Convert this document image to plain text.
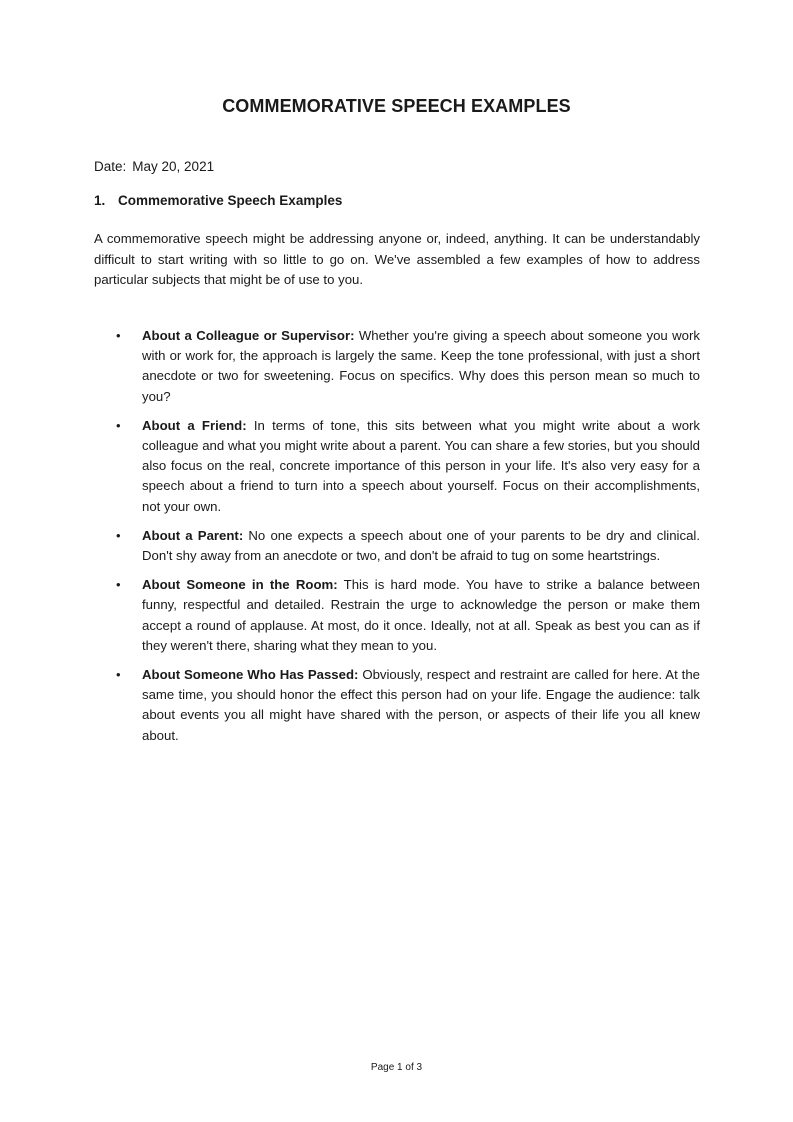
COMMEMORATIVE SPEECH EXAMPLES
Date: May 20, 2021
1. Commemorative Speech Examples
A commemorative speech might be addressing anyone or, indeed, anything. It can be understandably difficult to start writing with so little to go on. We've assembled a few examples of how to address particular subjects that might be of use to you.
• About a Colleague or Supervisor: Whether you're giving a speech about someone you work with or work for, the approach is largely the same. Keep the tone professional, with just a short anecdote or two for sweetening. Focus on specifics. Why does this person mean so much to you?
• About a Friend: In terms of tone, this sits between what you might write about a work colleague and what you might write about a parent. You can share a few stories, but you should also focus on the real, concrete importance of this person in your life. It's also very easy for a speech about a friend to turn into a speech about yourself. Focus on their accomplishments, not your own.
• About a Parent: No one expects a speech about one of your parents to be dry and clinical. Don't shy away from an anecdote or two, and don't be afraid to tug on some heartstrings.
• About Someone in the Room: This is hard mode. You have to strike a balance between funny, respectful and detailed. Restrain the urge to acknowledge the person or make them accept a round of applause. At most, do it once. Ideally, not at all. Speak as best you can as if they weren't there, sharing what they mean to you.
• About Someone Who Has Passed: Obviously, respect and restraint are called for here. At the same time, you should honor the effect this person had on your life. Engage the audience: talk about events you all might have shared with the person, or aspects of their life you all knew about.
Page 1 of 3
